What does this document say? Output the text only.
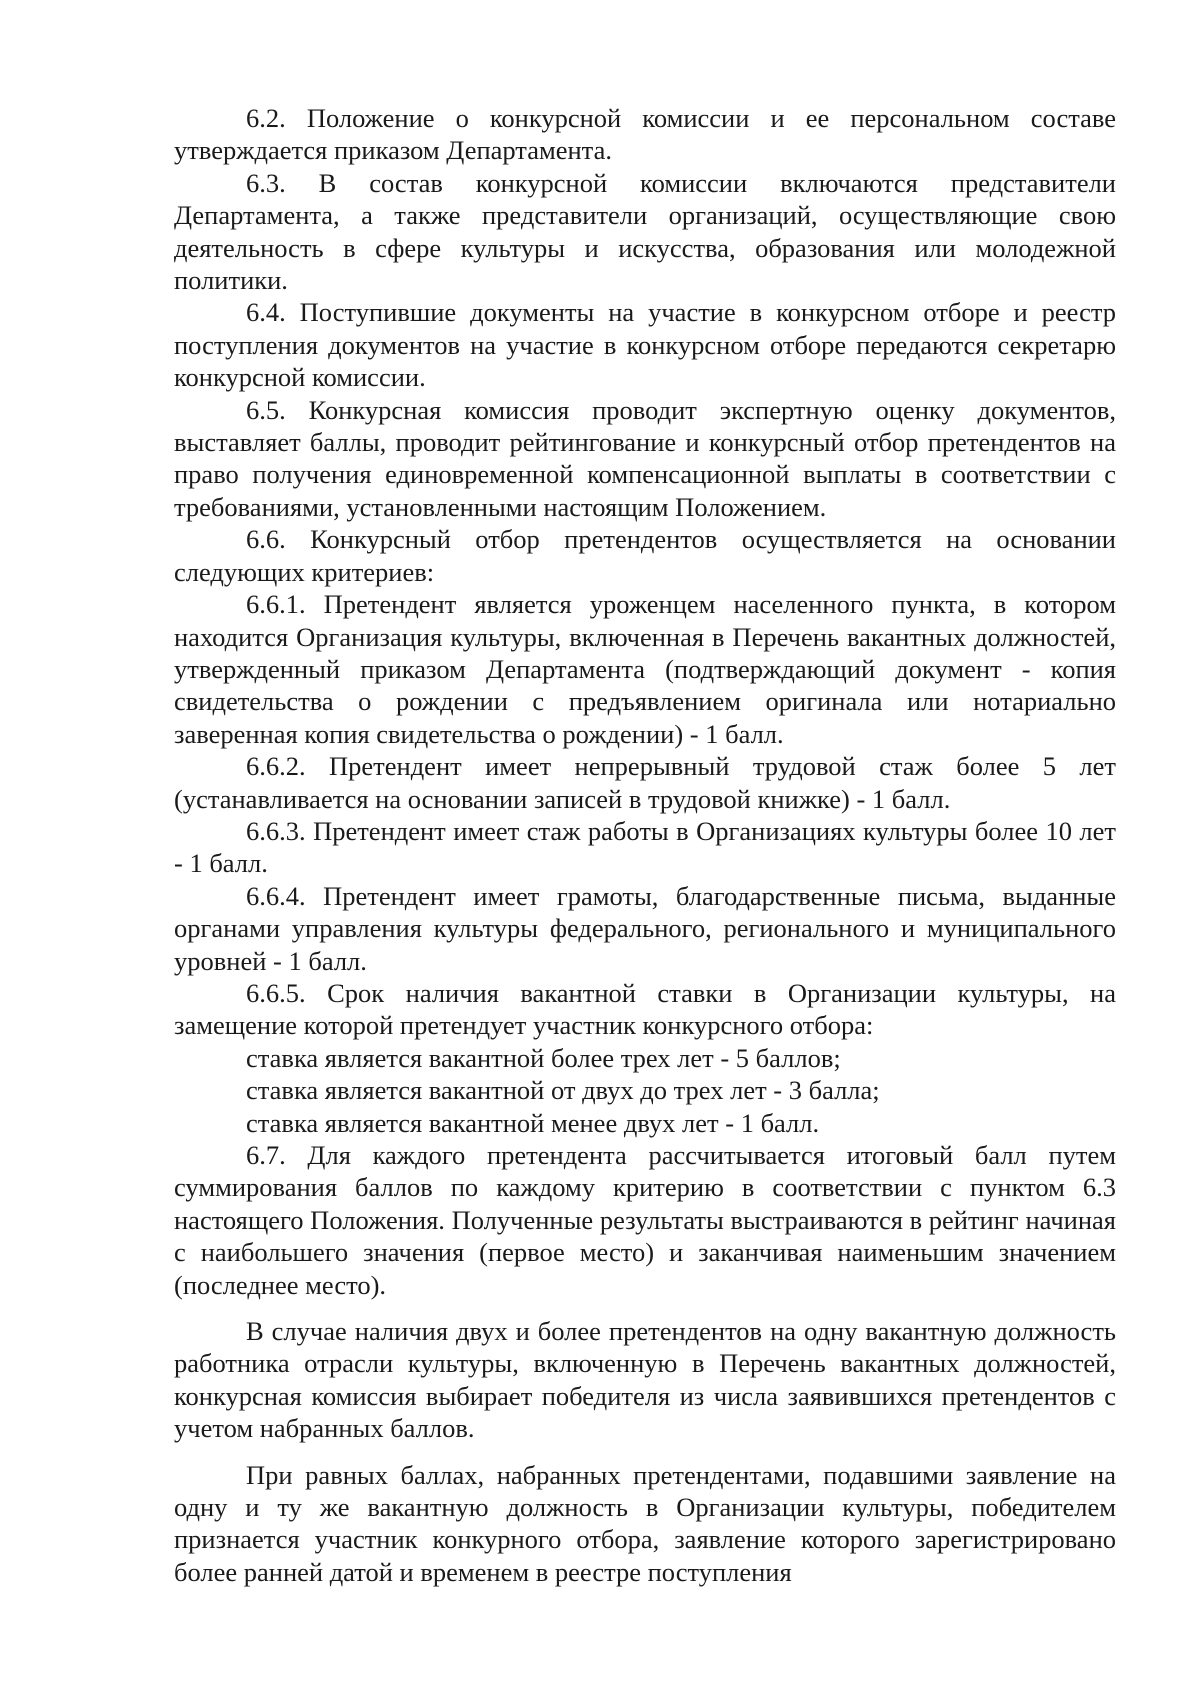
6.2. Положение о конкурсной комиссии и ее персональном составе утверждается приказом Департамента.

6.3. В состав конкурсной комиссии включаются представители Департамента, а также представители организаций, осуществляющие свою деятельность в сфере культуры и искусства, образования или молодежной политики.

6.4. Поступившие документы на участие в конкурсном отборе и реестр поступления документов на участие в конкурсном отборе передаются секретарю конкурсной комиссии.

6.5. Конкурсная комиссия проводит экспертную оценку документов, выставляет баллы, проводит рейтингование и конкурсный отбор претендентов на право получения единовременной компенсационной выплаты в соответствии с требованиями, установленными настоящим Положением.

6.6. Конкурсный отбор претендентов осуществляется на основании следующих критериев:

6.6.1. Претендент является уроженцем населенного пункта, в котором находится Организация культуры, включенная в Перечень вакантных должностей, утвержденный приказом Департамента (подтверждающий документ - копия свидетельства о рождении с предъявлением оригинала или нотариально заверенная копия свидетельства о рождении) - 1 балл.

6.6.2. Претендент имеет непрерывный трудовой стаж более 5 лет (устанавливается на основании записей в трудовой книжке) - 1 балл.

6.6.3. Претендент имеет стаж работы в Организациях культуры более 10 лет - 1 балл.

6.6.4. Претендент имеет грамоты, благодарственные письма, выданные органами управления культуры федерального, регионального и муниципального уровней - 1 балл.

6.6.5. Срок наличия вакантной ставки в Организации культуры, на замещение которой претендует участник конкурсного отбора:

ставка является вакантной более трех лет - 5 баллов;

ставка является вакантной от двух до трех лет - 3 балла;

ставка является вакантной менее двух лет - 1 балл.

6.7. Для каждого претендента рассчитывается итоговый балл путем суммирования баллов по каждому критерию в соответствии с пунктом 6.3 настоящего Положения. Полученные результаты выстраиваются в рейтинг начиная с наибольшего значения (первое место) и заканчивая наименьшим значением (последнее место).

В случае наличия двух и более претендентов на одну вакантную должность работника отрасли культуры, включенную в Перечень вакантных должностей, конкурсная комиссия выбирает победителя из числа заявившихся претендентов с учетом набранных баллов.

При равных баллах, набранных претендентами, подавшими заявление на одну и ту же вакантную должность в Организации культуры, победителем признается участник конкурного отбора, заявление которого зарегистрировано более ранней датой и временем в реестре поступления
